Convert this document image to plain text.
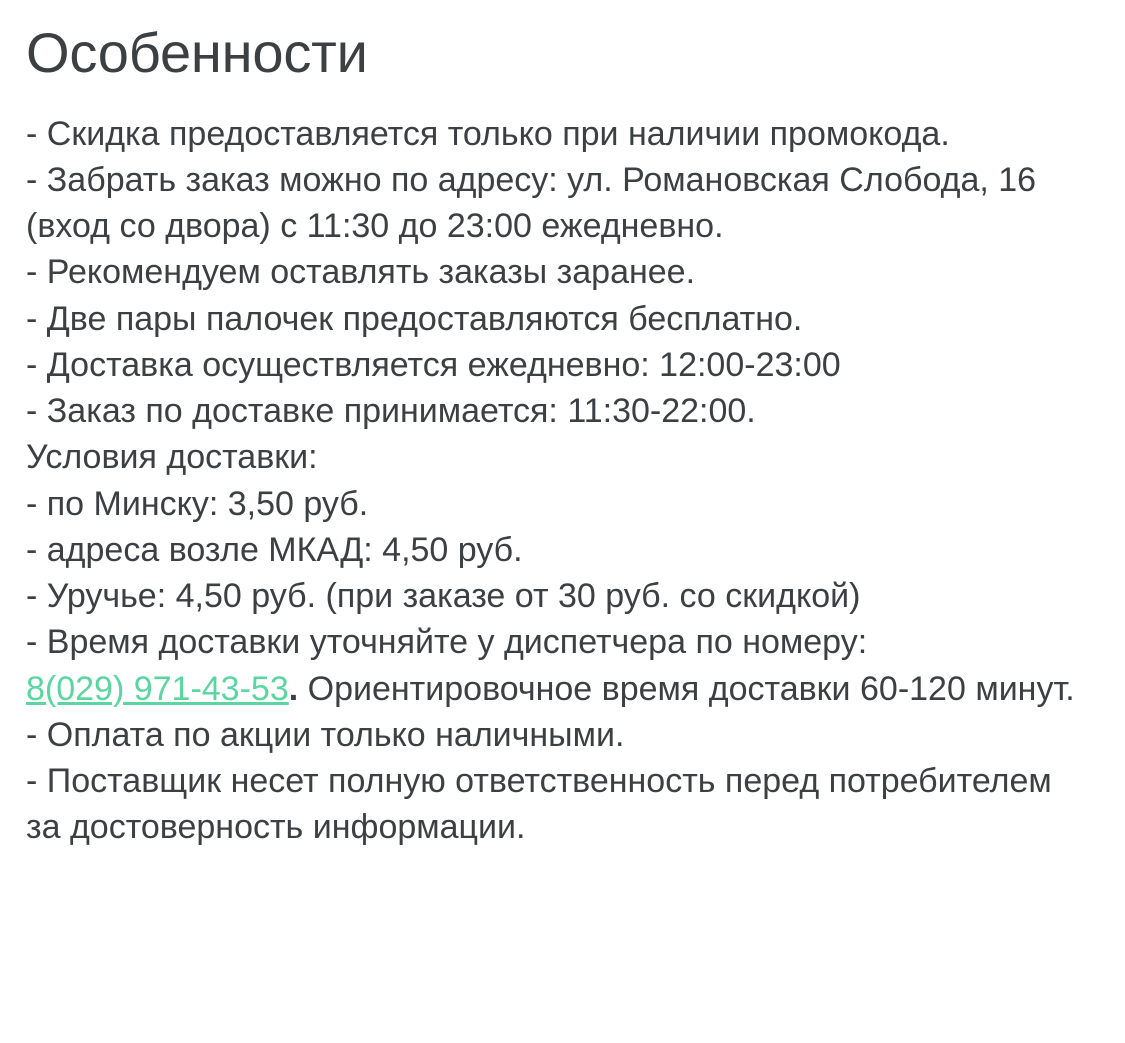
Особенности

- Скидка предоставляется только при наличии промокода.

- Забрать заказ можно по адресу: ул. Романовская Слобода, 16 (вход со двора) с 11:30 до 23:00 ежедневно.

- Рекомендуем оставлять заказы заранее.

- Две пары палочек предоставляются бесплатно.

- Доставка осуществляется ежедневно: 12:00-23:00

- Заказ по доставке принимается: 11:30-22:00.

Условия доставки:

- по Минску: 3,50 руб.

- адреса возле МКАД: 4,50 руб.

- Уручье: 4,50 руб. (при заказе от 30 руб. со скидкой)

- Время доставки уточняйте у диспетчера по номеру:

8(029) 971-43-53. Ориентировочное время доставки 60-120 минут.

- Оплата по акции только наличными.

- Поставщик несет полную ответственность перед потребителем за достоверность информации.
